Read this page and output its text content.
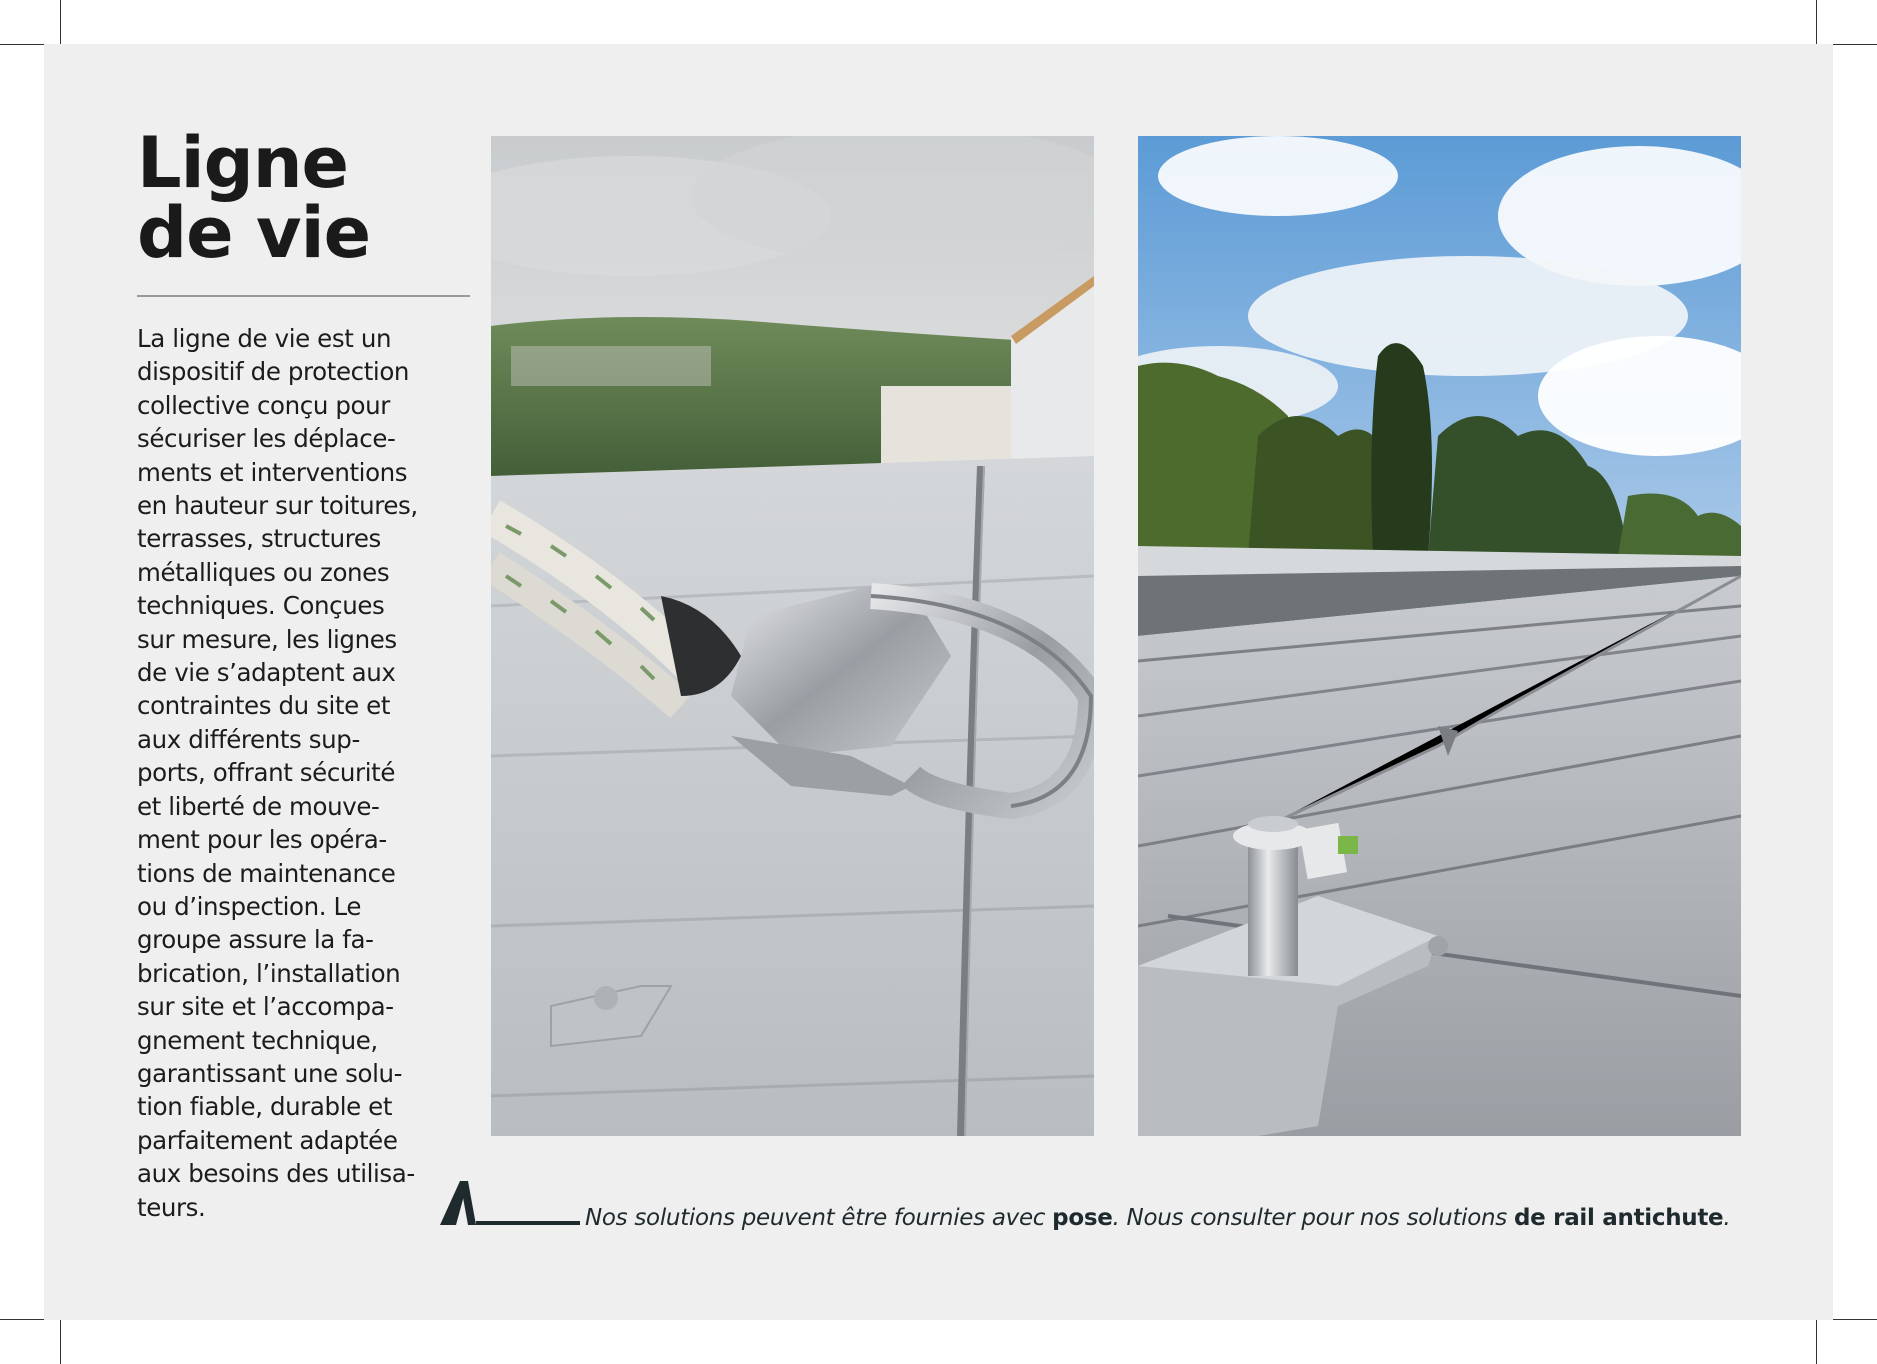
Ligne
de vie
La ligne de vie est un
dispositif de protection
collective conçu pour
sécuriser les déplace-
ments et interventions
en hauteur sur toitures,
terrasses, structures
métalliques ou zones
techniques. Conçues
sur mesure, les lignes
de vie s’adaptent aux
contraintes du site et
aux différents sup-
ports, offrant sécurité
et liberté de mouve-
ment pour les opéra-
tions de maintenance
ou d’inspection. Le
groupe assure la fa-
brication, l’installation
sur site et l’accompa-
gnement technique,
garantissant une solu-
tion fiable, durable et
parfaitement adaptée
aux besoins des utilisa-
teurs.	Nos solutions peuvent être fournies avec pose. Nous consulter pour nos solutions de rail antichute.
